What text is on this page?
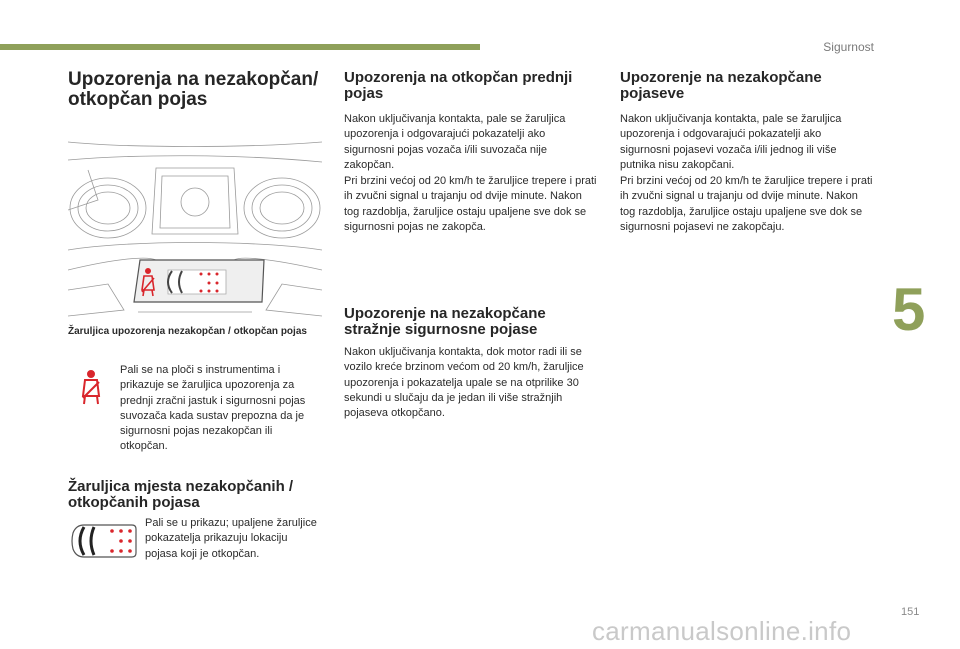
Sigurnost
5
151
carmanualsonline.info
Upozorenja na nezakopčan/ otkopčan pojas

Žaruljica upozorenja nezakopčan / otkopčan pojas

Pali se na ploči s instrumentima i prikazuje se žaruljica upozorenja za prednji zračni jastuk i sigurnosni pojas suvozača kada sustav prepozna da je sigurnosni pojas nezakopčan ili otkopčan.

Žaruljica mjesta nezakopčanih / otkopčanih pojasa

Pali se u prikazu; upaljene žaruljice pokazatelja prikazuju lokaciju pojasa koji je otkopčan.

Upozorenja na otkopčan prednji pojas

Nakon uključivanja kontakta, pale se žaruljica upozorenja i odgovarajući pokazatelji ako sigurnosni pojas vozača i/ili suvozača nije zakopčan.

Pri brzini većoj od 20 km/h te žaruljice trepere i prati ih zvučni signal u trajanju od dvije minute. Nakon tog razdoblja, žaruljice ostaju upaljene sve dok se sigurnosni pojas ne zakopča.

Upozorenje na nezakopčane stražnje sigurnosne pojase

Nakon uključivanja kontakta, dok motor radi ili se vozilo kreće brzinom većom od 20 km/h, žaruljice upozorenja i pokazatelja upale se na otprilike 30 sekundi u slučaju da je jedan ili više stražnjih pojaseva otkopčano.

Upozorenje na nezakopčane pojaseve

Nakon uključivanja kontakta, pale se žaruljica upozorenja i odgovarajući pokazatelji ako sigurnosni pojasevi vozača i/ili jednog ili više putnika nisu zakopčani.

Pri brzini većoj od 20 km/h te žaruljice trepere i prati ih zvučni signal u trajanju od dvije minute. Nakon tog razdoblja, žaruljice ostaju upaljene sve dok se sigurnosni pojasevi ne zakopčaju.
